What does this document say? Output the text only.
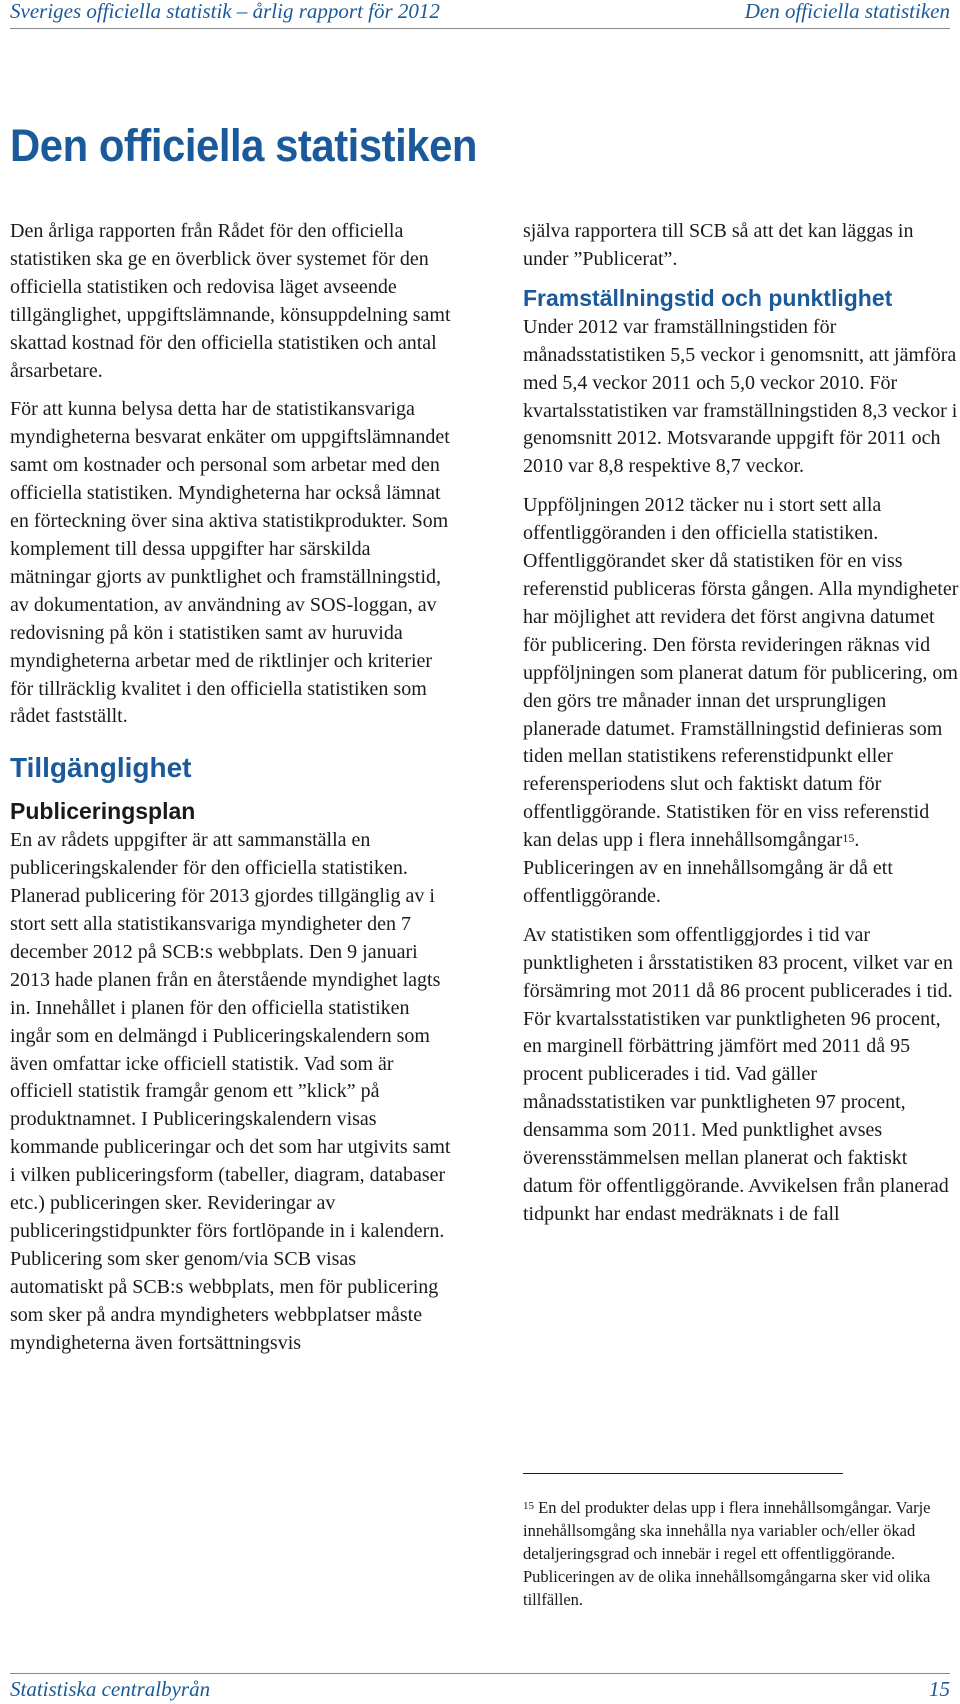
Sveriges officiella statistik – årlig rapport för 2012	Den officiella statistiken
Den officiella statistiken

Den årliga rapporten från Rådet för den officiella statistiken ska ge en överblick över systemet för den officiella statistiken och redovisa läget avseende tillgänglighet, uppgiftslämnande, könsuppdelning samt skattad kostnad för den officiella statistiken och antal årsarbetare.

För att kunna belysa detta har de statistikansvariga myndigheterna besvarat enkäter om uppgiftslämnandet samt om kostnader och personal som arbetar med den officiella statistiken. Myndigheterna har också lämnat en förteckning över sina aktiva statistikprodukter. Som komplement till dessa uppgifter har särskilda mätningar gjorts av punktlighet och framställningstid, av dokumentation, av användning av SOS-loggan, av redovisning på kön i statistiken samt av huruvida myndigheterna arbetar med de riktlinjer och kriterier för tillräcklig kvalitet i den officiella statistiken som rådet fastställt.

Tillgänglighet
Publiceringsplan

En av rådets uppgifter är att sammanställa en publiceringskalender för den officiella statistiken. Planerad publicering för 2013 gjordes tillgänglig av i stort sett alla statistikansvariga myndigheter den 7 december 2012 på SCB:s webbplats. Den 9 januari 2013 hade planen från en återstående myndighet lagts in. Innehållet i planen för den officiella statistiken ingår som en delmängd i Publiceringskalendern som även omfattar icke officiell statistik. Vad som är officiell statistik framgår genom ett ”klick” på produktnamnet. I Publiceringskalendern visas kommande publiceringar och det som har utgivits samt i vilken publiceringsform (tabeller, diagram, databaser etc.) publiceringen sker. Revideringar av publiceringstidpunkter förs fortlöpande in i kalendern. Publicering som sker genom/via SCB visas automatiskt på SCB:s webbplats, men för publicering som sker på andra myndigheters webbplatser måste myndigheterna även fortsättningsvis

själva rapportera till SCB så att det kan läggas in under ”Publicerat”.

Framställningstid och punktlighet

Under 2012 var framställningstiden för månadsstatistiken 5,5 veckor i genomsnitt, att jämföra med 5,4 veckor 2011 och 5,0 veckor 2010. För kvartalsstatistiken var framställningstiden 8,3 veckor i genomsnitt 2012. Motsvarande uppgift för 2011 och 2010 var 8,8 respektive 8,7 veckor.

Uppföljningen 2012 täcker nu i stort sett alla offentliggöranden i den officiella statistiken. Offentliggörandet sker då statistiken för en viss referenstid publiceras första gången. Alla myndigheter har möjlighet att revidera det först angivna datumet för publicering. Den första revideringen räknas vid uppföljningen som planerat datum för publicering, om den görs tre månader innan det ursprungligen planerade datumet. Framställningstid definieras som tiden mellan statistikens referenstidpunkt eller referensperiodens slut och faktiskt datum för offentliggörande. Statistiken för en viss referenstid kan delas upp i flera innehållsomgångar$^{15}$. Publiceringen av en innehållsomgång är då ett offentliggörande.

Av statistiken som offentliggjordes i tid var punktligheten i årsstatistiken 83 procent, vilket var en försämring mot 2011 då 86 procent publicerades i tid. För kvartalsstatistiken var punktligheten 96 procent, en marginell förbättring jämfört med 2011 då 95 procent publicerades i tid. Vad gäller månadsstatistiken var punktligheten 97 procent, densamma som 2011. Med punktlighet avses överensstämmelsen mellan planerat och faktiskt datum för offentliggörande. Avvikelsen från planerad tidpunkt har endast medräknats i de fall

$^{15}$ En del produkter delas upp i flera innehållsomgångar. Varje innehållsomgång ska innehålla nya variabler och/eller ökad detaljeringsgrad och innebär i regel ett offentliggörande. Publiceringen av de olika innehållsomgångarna sker vid olika tillfällen.
Statistiska centralbyrån	15
